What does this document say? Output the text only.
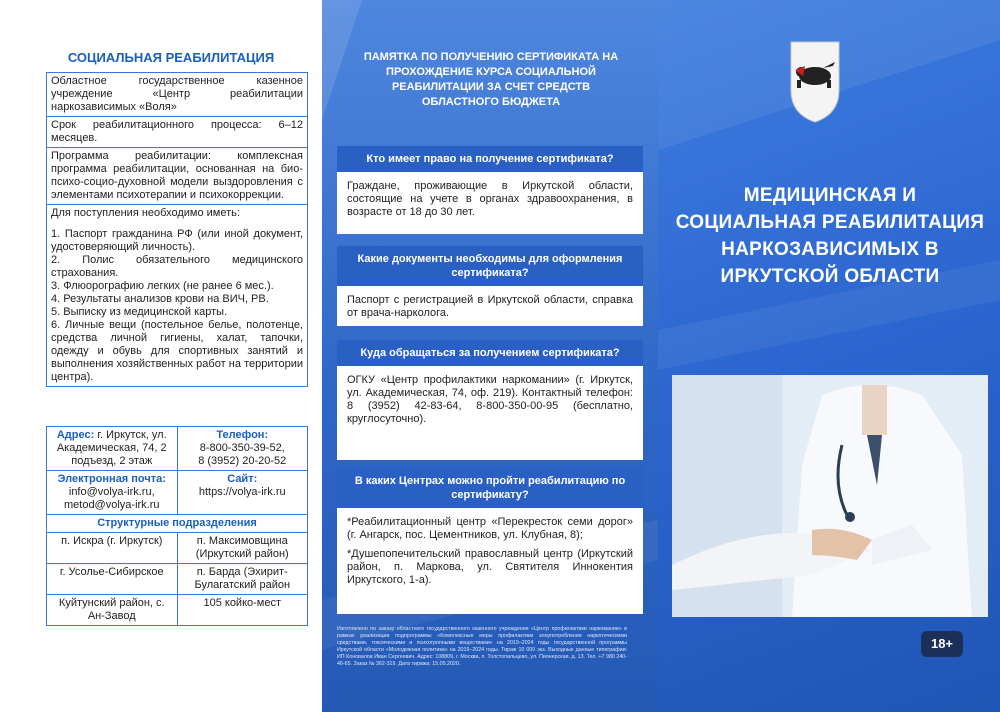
СОЦИАЛЬНАЯ РЕАБИЛИТАЦИЯ
Областное государственное казенное учреждение «Центр реабилитации наркозависимых «Воля»
Срок реабилитационного процесса: 6–12 месяцев.
Программа реабилитации: комплексная программа реабилитации, основанная на био-психо-социо-духовной модели выздоровления с элементами психотерапии и психокоррекции.
Для поступления необходимо иметь:
1. Паспорт гражданина РФ (или иной документ, удостоверяющий личность).
2. Полис обязательного медицинского страхования.
3. Флюорографию легких (не ранее 6 мес.).
4. Результаты анализов крови на ВИЧ, РВ.
5. Выписку из медицинской карты.
6. Личные вещи (постельное белье, полотенце, средства личной гигиены, халат, тапочки, одежду и обувь для спортивных занятий и выполнения хозяйственных работ на территории центра).
Адрес: г. Иркутск, ул. Академическая, 74, 2 подъезд, 2 этаж
Телефон:
8-800-350-39-52,
8 (3952) 20-20-52
Электронная почта:
info@volya-irk.ru,
metod@volya-irk.ru
Сайт:
https://volya-irk.ru
Структурные подразделения
п. Искра (г. Иркутск)	п. Максимовщина (Иркутский район)
г. Усолье-Сибирское	п. Барда (Эхирит-Булагатский район
Куйтунский район, с. Ан-Завод
105 койко-мест
ПАМЯТКА ПО ПОЛУЧЕНИЮ СЕРТИФИКАТА НА ПРОХОЖДЕНИЕ КУРСА СОЦИАЛЬНОЙ РЕАБИЛИТАЦИИ ЗА СЧЕТ СРЕДСТВ ОБЛАСТНОГО БЮДЖЕТА
Кто имеет право на получение сертификата?
Граждане, проживающие в Иркутской области, состоящие на учете в органах здравоохранения, в возрасте от 18 до 30 лет.
Какие документы необходимы для оформления сертификата?
Паспорт с регистрацией в Иркутской области, справка от врача-нарколога.
Куда обращаться за получением сертификата?
ОГКУ «Центр профилактики наркомании» (г. Иркутск, ул. Академическая, 74, оф. 219). Контактный телефон: 8 (3952) 42-83-64, 8-800-350-00-95 (бесплатно, круглосуточно).
В каких Центрах можно пройти реабилитацию по сертификату?
*Реабилитационный центр «Перекресток семи дорог» (г. Ангарск, пос. Цементников, ул. Клубная, 8);
*Душепопечительский православный центр (Иркутский район, п. Маркова, ул. Святителя Иннокентия Иркутского, 1-а).
Изготовлено по заказу областного государственного казенного учреждения «Центр профилактики наркомании» в рамках реализации подпрограммы «Комплексные меры профилактики злоупотребления наркотическими средствами, токсическими и психотропными веществами» на 2019–2024 годы государственной программы Иркутской области «Молодежная политика» на 2019–2024 годы. Тираж 10 000 экз. Выходные данные типографии: ИП Коновалов Иван Сергеевич. Адрес: 108809, г. Москва, п. Толстопальцево, ул. Пионерская, д. 13. Тел. +7 980 240-46-65. Заказ № 362-319. Дата тиража: 15.05.2020.
МЕДИЦИНСКАЯ И СОЦИАЛЬНАЯ РЕАБИЛИТАЦИЯ НАРКОЗАВИСИМЫХ В ИРКУТСКОЙ ОБЛАСТИ
18+
